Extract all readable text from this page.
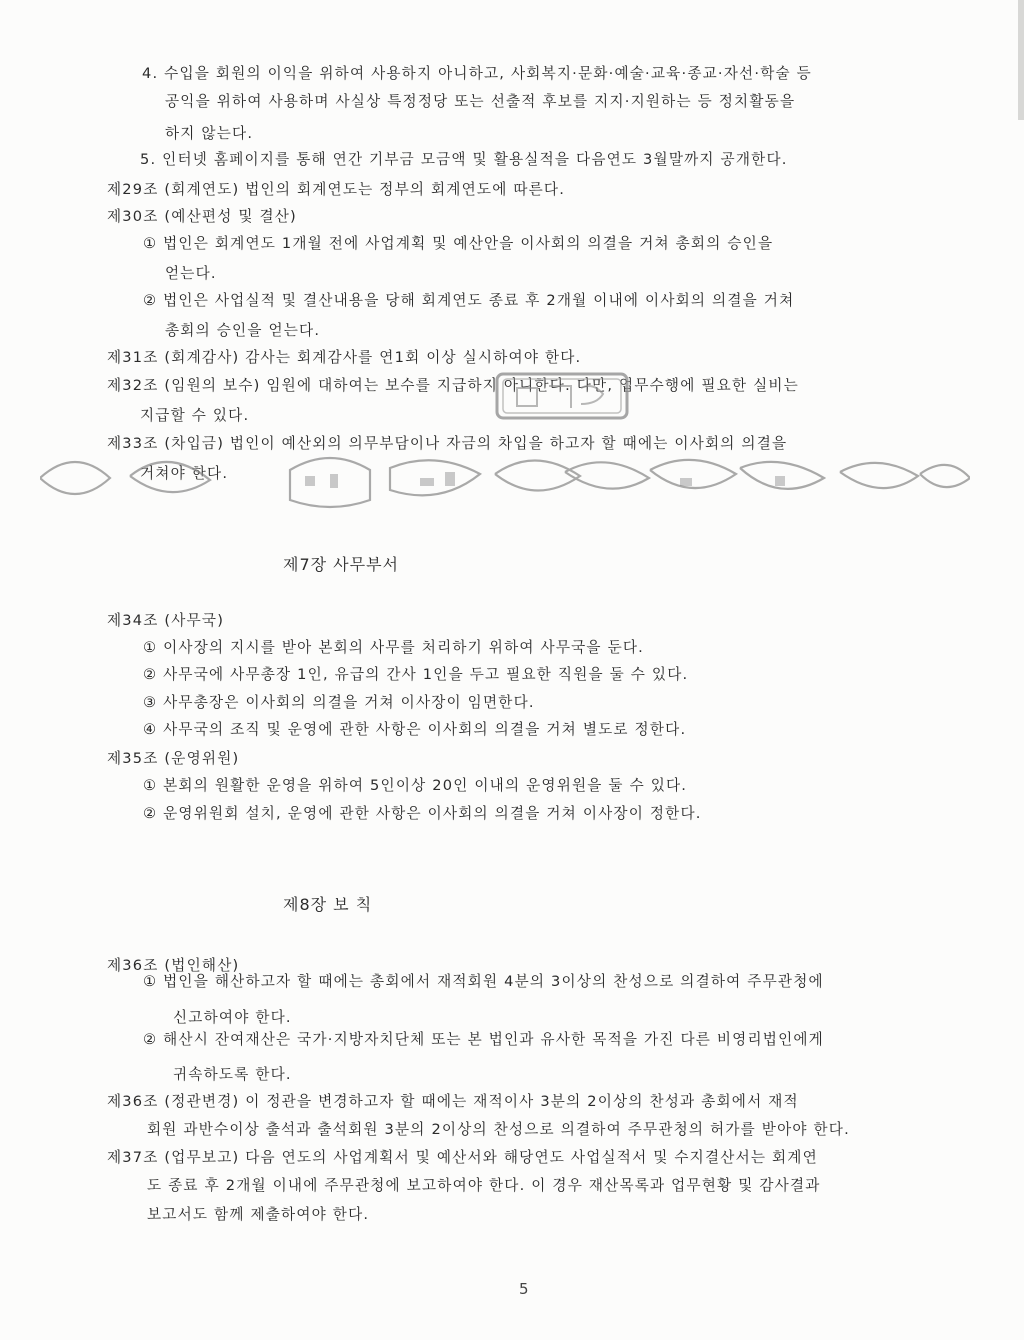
4. 수입을 회원의 이익을 위하여 사용하지 아니하고, 사회복지·문화·예술·교육·종교·자선·학술 등
공익을 위하여 사용하며 사실상 특정정당 또는 선출적 후보를 지지·지원하는 등 정치활동을
하지 않는다.
5. 인터넷 홈페이지를 통해 연간 기부금 모금액 및 활용실적을 다음연도 3월말까지 공개한다.
제29조 (회계연도) 법인의 회계연도는 정부의 회계연도에 따른다.
제30조 (예산편성 및 결산)
① 법인은 회계연도 1개월 전에 사업계획 및 예산안을 이사회의 의결을 거쳐 총회의 승인을
얻는다.
② 법인은 사업실적 및 결산내용을 당해 회계연도 종료 후 2개월 이내에 이사회의 의결을 거쳐
총회의 승인을 얻는다.
제31조 (회계감사) 감사는 회계감사를 연1회 이상 실시하여야 한다.
제32조 (임원의 보수) 임원에 대하여는 보수를 지급하지 아니한다. 다만, 업무수행에 필요한 실비는
지급할 수 있다.
제33조 (차입금) 법인이 예산외의 의무부담이나 자금의 차입을 하고자 할 때에는 이사회의 의결을
거쳐야 한다.
제7장 사무부서
제34조 (사무국)
① 이사장의 지시를 받아 본회의 사무를 처리하기 위하여 사무국을 둔다.
② 사무국에 사무총장 1인, 유급의 간사 1인을 두고 필요한 직원을 둘 수 있다.
③ 사무총장은 이사회의 의결을 거쳐 이사장이 임면한다.
④ 사무국의 조직 및 운영에 관한 사항은 이사회의 의결을 거쳐 별도로 정한다.
제35조 (운영위원)
① 본회의 원활한 운영을 위하여 5인이상 20인 이내의 운영위원을 둘 수 있다.
② 운영위원회 설치, 운영에 관한 사항은 이사회의 의결을 거쳐 이사장이 정한다.
제8장 보 칙
제36조 (법인해산)
① 법인을 해산하고자 할 때에는 총회에서 재적회원 4분의 3이상의 찬성으로 의결하여 주무관청에
신고하여야 한다.
② 해산시 잔여재산은 국가·지방자치단체 또는 본 법인과 유사한 목적을 가진 다른 비영리법인에게
귀속하도록 한다.
제36조 (정관변경) 이 정관을 변경하고자 할 때에는 재적이사 3분의 2이상의 찬성과 총회에서 재적
회원 과반수이상 출석과 출석회원 3분의 2이상의 찬성으로 의결하여 주무관청의 허가를 받아야 한다.
제37조 (업무보고) 다음 연도의 사업계획서 및 예산서와 해당연도 사업실적서 및 수지결산서는 회계연
도 종료 후 2개월 이내에 주무관청에 보고하여야 한다. 이 경우 재산목록과 업무현황 및 감사결과
보고서도 함께 제출하여야 한다.
5
